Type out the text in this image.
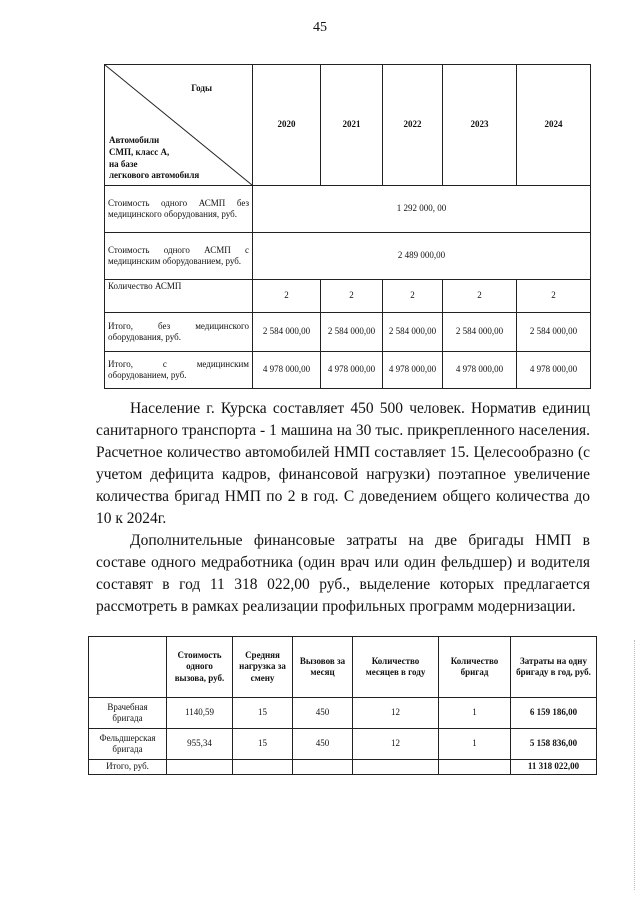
45
Годы
Автомобили
СМП, класс А,
на базе
легкового автомобиля	2020	2021	2022	2023	2024
Стоимость одного АСМП без медицинского оборудования, руб.	1 292 000, 00				
Стоимость одного АСМП с медицинским оборудованием, руб.	2 489 000,00				
Количество АСМП	2	2	2	2	2
Итого, без медицинского оборудования, руб.	2 584 000,00	2 584 000,00	2 584 000,00	2 584 000,00	2 584 000,00
Итого, с медицинским оборудованием, руб.	4 978 000,00	4 978 000,00	4 978 000,00	4 978 000,00	4 978 000,00

Население г. Курска составляет 450 500 человек. Норматив единиц санитарного транспорта - 1 машина на 30 тыс. прикрепленного населения. Расчетное количество автомобилей НМП составляет 15. Целесообразно (с учетом дефицита кадров, финансовой нагрузки) поэтапное увеличение количества бригад НМП по 2 в год. С доведением общего количества до 10 к 2024г.

Дополнительные финансовые затраты на две бригады НМП в составе одного медработника (один врач или один фельдшер) и водителя составят в год 11 318 022,00 руб., выделение которых предлагается рассмотреть в рамках реализации профильных программ модернизации.

	Стоимость одного вызова, руб.	Средняя нагрузка за смену	Вызовов за месяц	Количество месяцев в году	Количество бригад	Затраты на одну бригаду в год, руб.
Врачебная бригада	1140,59	15	450	12	1	6 159 186,00
Фельдшерская бригада	955,34	15	450	12	1	5 158 836,00
Итого, руб.						11 318 022,00
